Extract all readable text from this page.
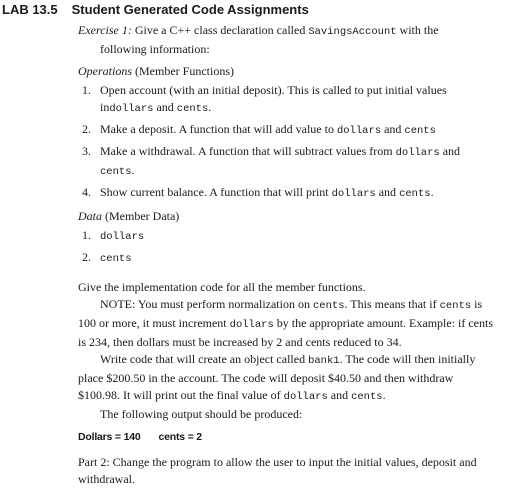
LAB 13.5 Student Generated Code Assignments

Exercise 1: Give a C++ class declaration called SavingsAccount with the

following information:

Operations (Member Functions)

1. Open account (with an initial deposit). This is called to put initial values indollars and cents.
2. Make a deposit. A function that will add value to dollars and cents
3. Make a withdrawal. A function that will subtract values from dollars and
cents.
4. Show current balance. A function that will print dollars and cents.

Data (Member Data)

1. dollars
2. cents

Give the implementation code for all the member functions.

NOTE: You must perform normalization on cents. This means that if cents is 100 or more, it must increment dollars by the appropriate amount. Example: if cents is 234, then dollars must be increased by 2 and cents reduced to 34.

Write code that will create an object called bank1. The code will then initially place $200.50 in the account. The code will deposit $40.50 and then withdraw $100.98. It will print out the final value of dollars and cents.

The following output should be produced:

Dollars = 140 cents = 2

Part 2: Change the program to allow the user to input the initial values, deposit and withdrawal.
